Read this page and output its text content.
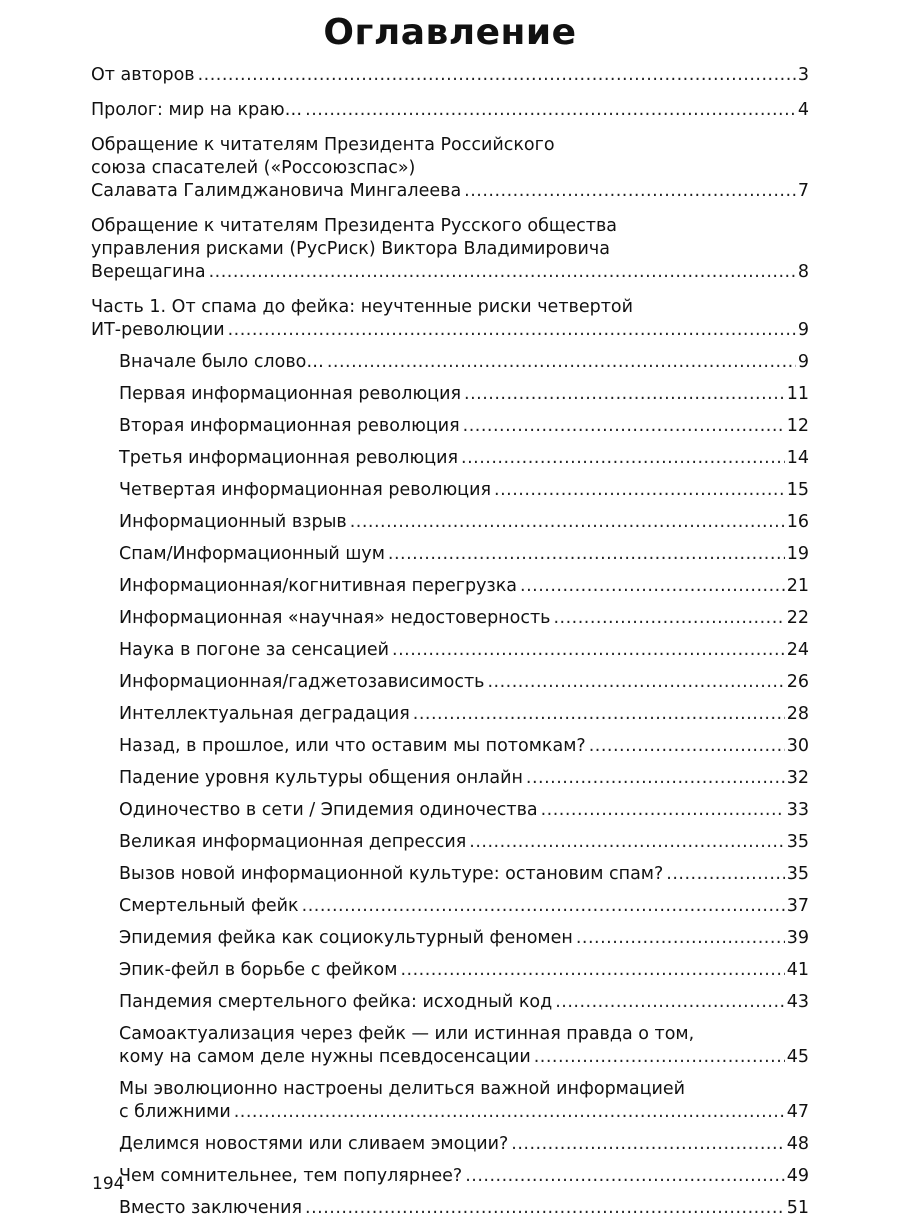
Оглавление
От авторов .....	3
Пролог: мир на краю… .....	4
Обращение к читателям Президента Российского
союза спасателей («Россоюзспас»)
Салавата Галимджановича Мингалеева .....	7
Обращение к читателям Президента Русского общества
управления рисками (РусРиск) Виктора Владимировича
Верещагина .....	8
Часть 1. От спама до фейка: неучтенные риски четвертой
ИТ-революции .....	9
Вначале было слово… .....	9
Первая информационная революция .....	11
Вторая информационная революция .....	12
Третья информационная революция .....	14
Четвертая информационная революция .....	15
Информационный взрыв .....	16
Спам/Информационный шум .....	19
Информационная/когнитивная перегрузка .....	21
Информационная «научная» недостоверность .....	22
Наука в погоне за сенсацией .....	24
Информационная/гаджетозависимость .....	26
Интеллектуальная деградация .....	28
Назад, в прошлое, или что оставим мы потомкам? .....	30
Падение уровня культуры общения онлайн .....	32
Одиночество в сети / Эпидемия одиночества .....	33
Великая информационная депрессия .....	35
Вызов новой информационной культуре: остановим спам? .....	35
Смертельный фейк .....	37
Эпидемия фейка как социокультурный феномен .....	39
Эпик-фейл в борьбе с фейком .....	41
Пандемия смертельного фейка: исходный код .....	43
Самоактуализация через фейк — или истинная правда о том,
кому на самом деле нужны псевдосенсации .....	45
Мы эволюционно настроены делиться важной информацией
с ближними .....	47
Делимся новостями или сливаем эмоции? .....	48
Чем сомнительнее, тем популярнее? .....	49
Вместо заключения .....	51
194
